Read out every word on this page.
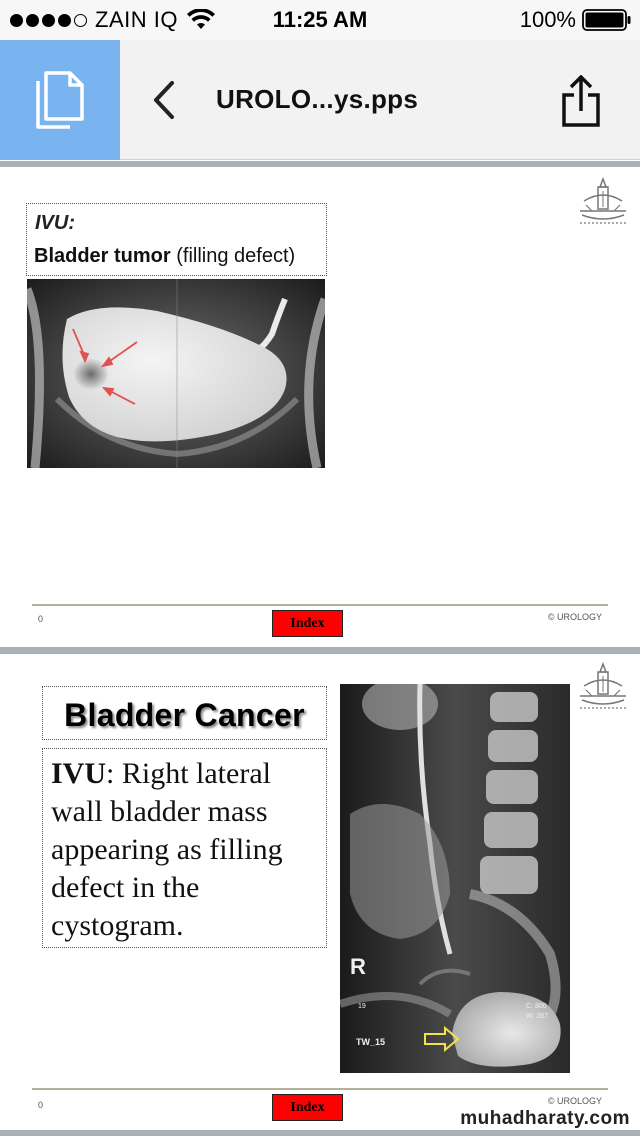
ZAIN IQ	11:25 AM	100%
UROLO...ys.pps
IVU:
Bladder tumor (filling defect)
0	Index	© UROLOGY
Bladder Cancer
IVU: Right lateral wall bladder mass appearing as filling defect in the cystogram.
R
19
TW_15
C: 800
W: 287
0	Index	© UROLOGY
muhadharaty.com
